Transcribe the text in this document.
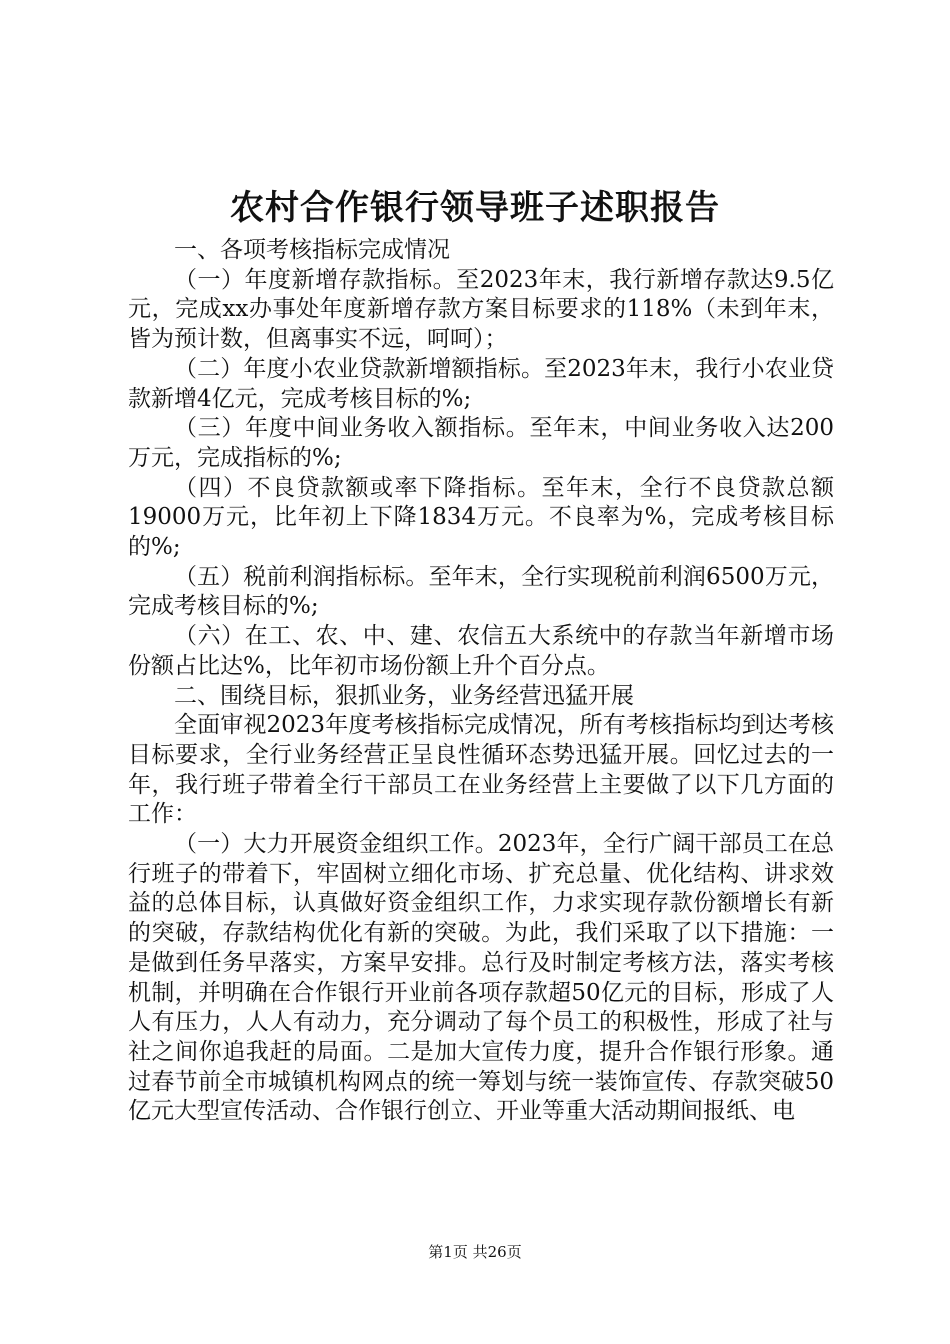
农村合作银行领导班子述职报告

一、各项考核指标完成情况

（一）年度新增存款指标。至2023年末，我行新增存款达9.5亿元，完成xx办事处年度新增存款方案目标要求的118%（未到年末，皆为预计数，但离事实不远，呵呵）；

（二）年度小农业贷款新增额指标。至2023年末，我行小农业贷款新增4亿元，完成考核目标的%;

（三）年度中间业务收入额指标。至年末，中间业务收入达200万元，完成指标的%;

（四）不良贷款额或率下降指标。至年末，全行不良贷款总额19000万元，比年初上下降1834万元。不良率为%，完成考核目标的%;

（五）税前利润指标标。至年末，全行实现税前利润6500万元，完成考核目标的%;

（六）在工、农、中、建、农信五大系统中的存款当年新增市场份额占比达%，比年初市场份额上升个百分点。

二、围绕目标，狠抓业务，业务经营迅猛开展

全面审视2023年度考核指标完成情况，所有考核指标均到达考核目标要求，全行业务经营正呈良性循环态势迅猛开展。回忆过去的一年，我行班子带着全行干部员工在业务经营上主要做了以下几方面的工作：

（一）大力开展资金组织工作。2023年，全行广阔干部员工在总行班子的带着下，牢固树立细化市场、扩充总量、优化结构、讲求效益的总体目标，认真做好资金组织工作，力求实现存款份额增长有新的突破，存款结构优化有新的突破。为此，我们采取了以下措施：一是做到任务早落实，方案早安排。总行及时制定考核方法，落实考核机制，并明确在合作银行开业前各项存款超50亿元的目标，形成了人人有压力，人人有动力，充分调动了每个员工的积极性，形成了社与社之间你追我赶的局面。二是加大宣传力度，提升合作银行形象。通过春节前全市城镇机构网点的统一筹划与统一装饰宣传、存款突破50亿元大型宣传活动、合作银行创立、开业等重大活动期间报纸、电

第1页 共26页
